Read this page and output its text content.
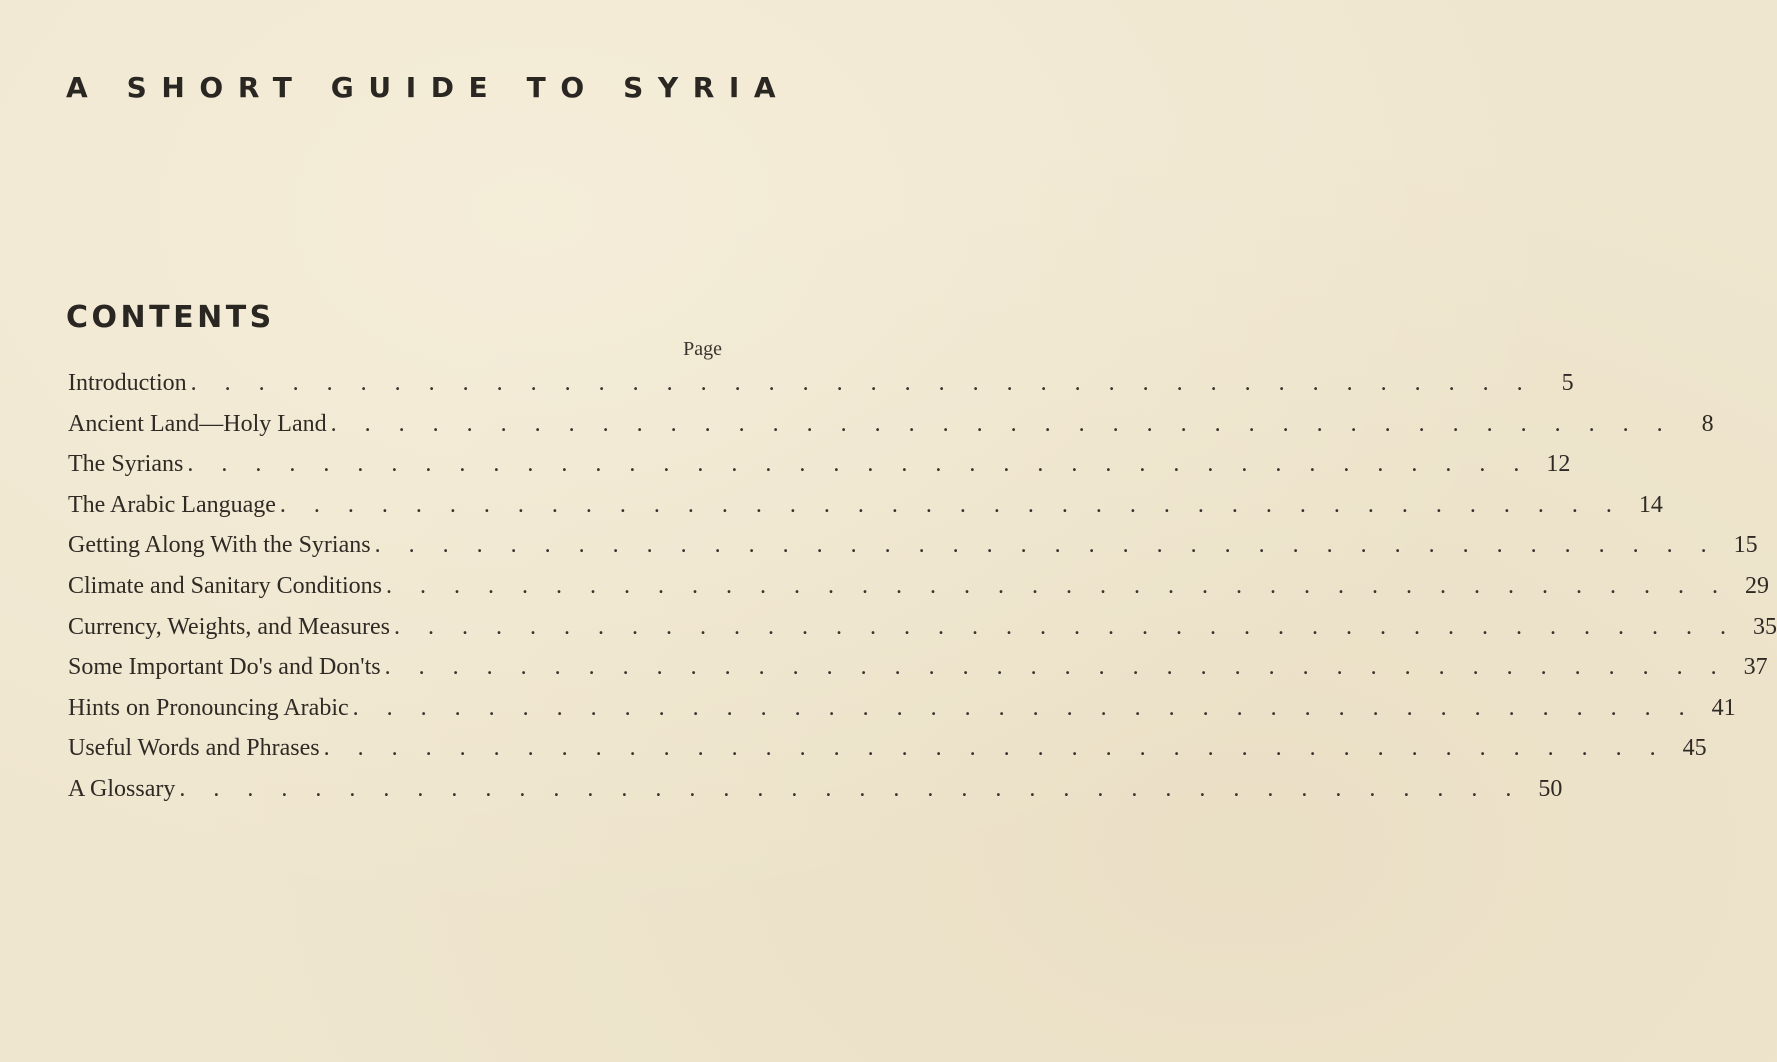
A SHORT GUIDE TO SYRIA
CONTENTS
Page
Introduction . . . . . . . . . . . . . . . . . . . . . . . . . . . . . . . . . . . . . . . .	5
Ancient Land—Holy Land . . . . . . . . . . . . . . . . . . . . . . . . . . . . . . . . . . . . . . . .	8
The Syrians . . . . . . . . . . . . . . . . . . . . . . . . . . . . . . . . . . . . . . . . 12
The Arabic Language . . . . . . . . . . . . . . . . . . . . . . . . . . . . . . . . . . . . . . . . 14
Getting Along With the Syrians . . . . . . . . . . . . . . . . . . . . . . . . . . . . . . . . . . . . . . . . 15
Climate and Sanitary Conditions . . . . . . . . . . . . . . . . . . . . . . . . . . . . . . . . . . . . . . . . 29
Currency, Weights, and Measures . . . . . . . . . . . . . . . . . . . . . . . . . . . . . . . . . . . . . . . . 35
Some Important Do's and Don'ts . . . . . . . . . . . . . . . . . . . . . . . . . . . . . . . . . . . . . . . . 37
Hints on Pronouncing Arabic . . . . . . . . . . . . . . . . . . . . . . . . . . . . . . . . . . . . . . . . 41
Useful Words and Phrases . . . . . . . . . . . . . . . . . . . . . . . . . . . . . . . . . . . . . . . . 45
A Glossary . . . . . . . . . . . . . . . . . . . . . . . . . . . . . . . . . . . . . . . . 50
